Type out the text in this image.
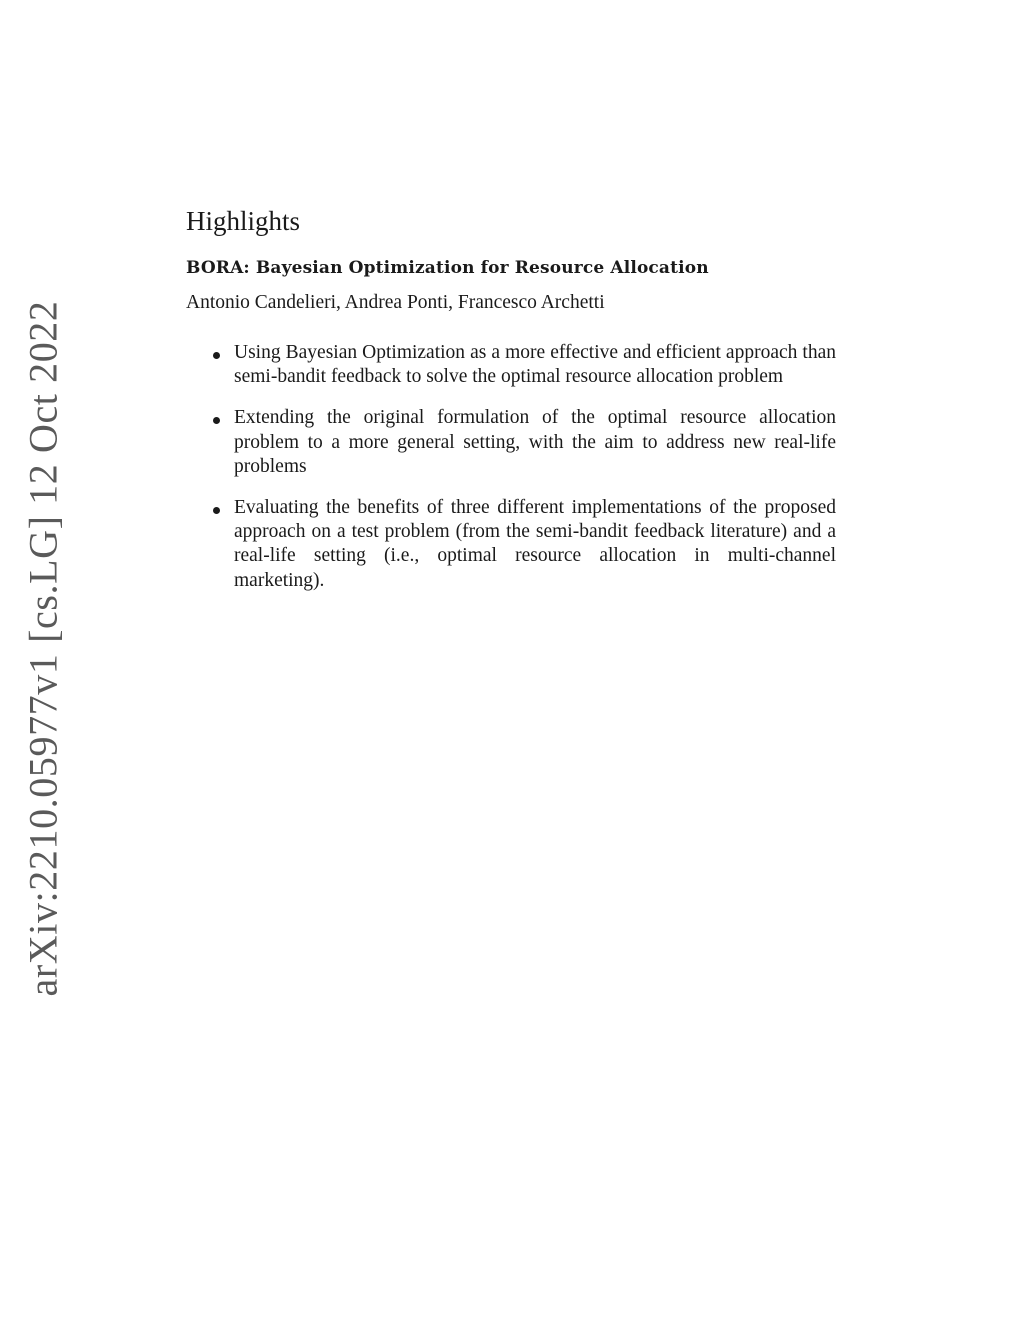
arXiv:2210.05977v1 [cs.LG] 12 Oct 2022
Highlights
BORA: Bayesian Optimization for Resource Allocation

Antonio Candelieri, Andrea Ponti, Francesco Archetti

Using Bayesian Optimization as a more effective and efficient approach than semi-bandit feedback to solve the optimal resource allocation problem
Extending the original formulation of the optimal resource allocation problem to a more general setting, with the aim to address new real-life problems
Evaluating the benefits of three different implementations of the proposed approach on a test problem (from the semi-bandit feedback literature) and a real-life setting (i.e., optimal resource allocation in multi-channel marketing).
